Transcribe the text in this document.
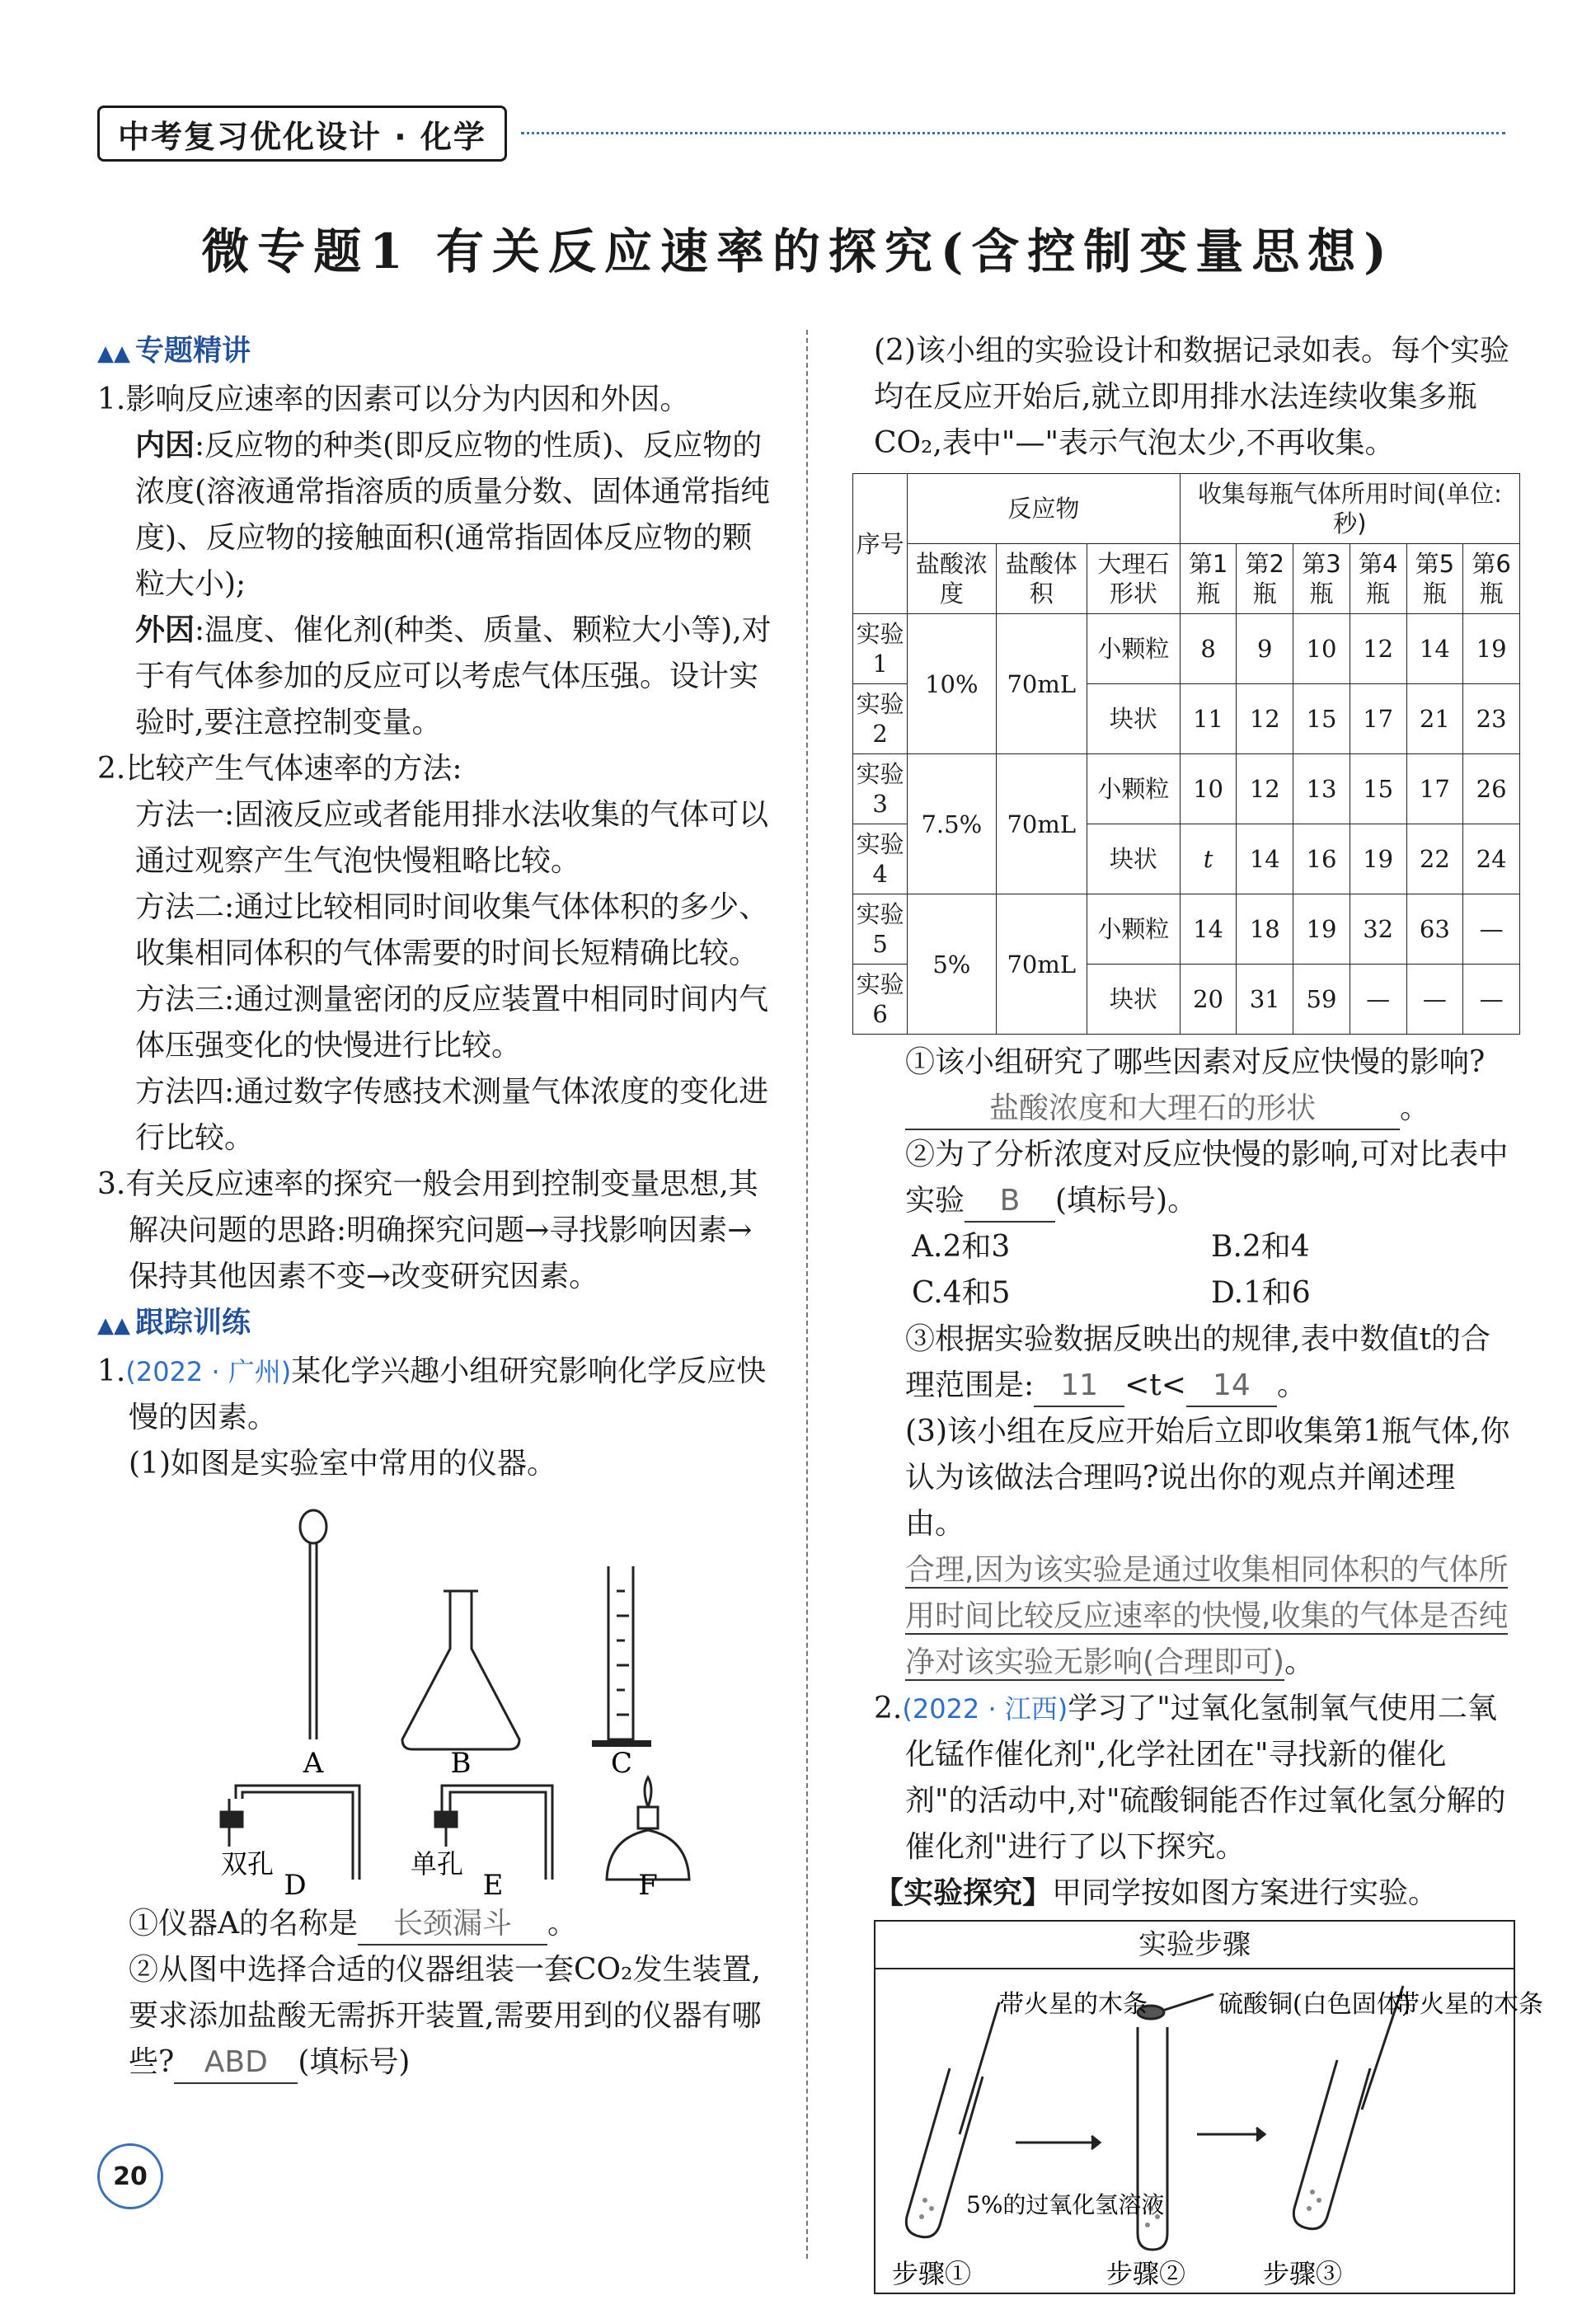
中考复习优化设计 · 化学
微专题1 有关反应速率的探究(含控制变量思想)
▲▲ 专题精讲

1.影响反应速率的因素可以分为内因和外因。

内因:反应物的种类(即反应物的性质)、反应物的浓度(溶液通常指溶质的质量分数、固体通常指纯度)、反应物的接触面积(通常指固体反应物的颗粒大小);

外因:温度、催化剂(种类、质量、颗粒大小等),对于有气体参加的反应可以考虑气体压强。设计实验时,要注意控制变量。

2.比较产生气体速率的方法:

方法一:固液反应或者能用排水法收集的气体可以通过观察产生气泡快慢粗略比较。

方法二:通过比较相同时间收集气体体积的多少、收集相同体积的气体需要的时间长短精确比较。

方法三:通过测量密闭的反应装置中相同时间内气体压强变化的快慢进行比较。

方法四:通过数字传感技术测量气体浓度的变化进行比较。

3.有关反应速率的探究一般会用到控制变量思想,其解决问题的思路:明确探究问题→寻找影响因素→保持其他因素不变→改变研究因素。

▲▲ 跟踪训练

1.(2022 · 广州)某化学兴趣小组研究影响化学反应快慢的因素。

(1)如图是实验室中常用的仪器。

A	B	C
双孔	单孔
D	E	F

①仪器A的名称是 长颈漏斗 。

②从图中选择合适的仪器组装一套CO₂发生装置,要求添加盐酸无需拆开装置,需要用到的仪器有哪些? ABD (填标号)

(2)该小组的实验设计和数据记录如表。每个实验均在反应开始后,就立即用排水法连续收集多瓶CO₂,表中"—"表示气泡太少,不再收集。

序号	反应物			收集每瓶气体所用时间(单位:秒)					
	盐酸浓度	盐酸体积	大理石形状	第1瓶	第2瓶	第3瓶	第4瓶	第5瓶	第6瓶
实验1	10%	70mL	小颗粒	8	9	10	12	14	19
实验2			块状	11	12	15	17	21	23
实验3	7.5%	70mL	小颗粒	10	12	13	15	17	26
实验4			块状	t	14	16	19	22	24
实验5	5%	70mL	小颗粒	14	18	19	32	63	—
实验6			块状	20	31	59	—	—	—

①该小组研究了哪些因素对反应快慢的影响?

盐酸浓度和大理石的形状	。

②为了分析浓度对反应快慢的影响,可对比表中实验 B (填标号)。

A.2和3	B.2和4
C.4和5	D.1和6

③根据实验数据反映出的规律,表中数值t的合理范围是: 11 <t< 14 。

(3)该小组在反应开始后立即收集第1瓶气体,你认为该做法合理吗?说出你的观点并阐述理由。

合理,因为该实验是通过收集相同体积的气体所用时间比较反应速率的快慢,收集的气体是否纯净对该实验无影响(合理即可)。

2.(2022 · 江西)学习了"过氧化氢制氧气使用二氧化锰作催化剂",化学社团在"寻找新的催化剂"的活动中,对"硫酸铜能否作过氧化氢分解的催化剂"进行了以下探究。

【实验探究】甲同学按如图方案进行实验。

实验步骤
带火星的木条	硫酸铜(白色固体)
带火星的木条
5%的过氧化氢溶液
步骤①	步骤②	步骤③
20
